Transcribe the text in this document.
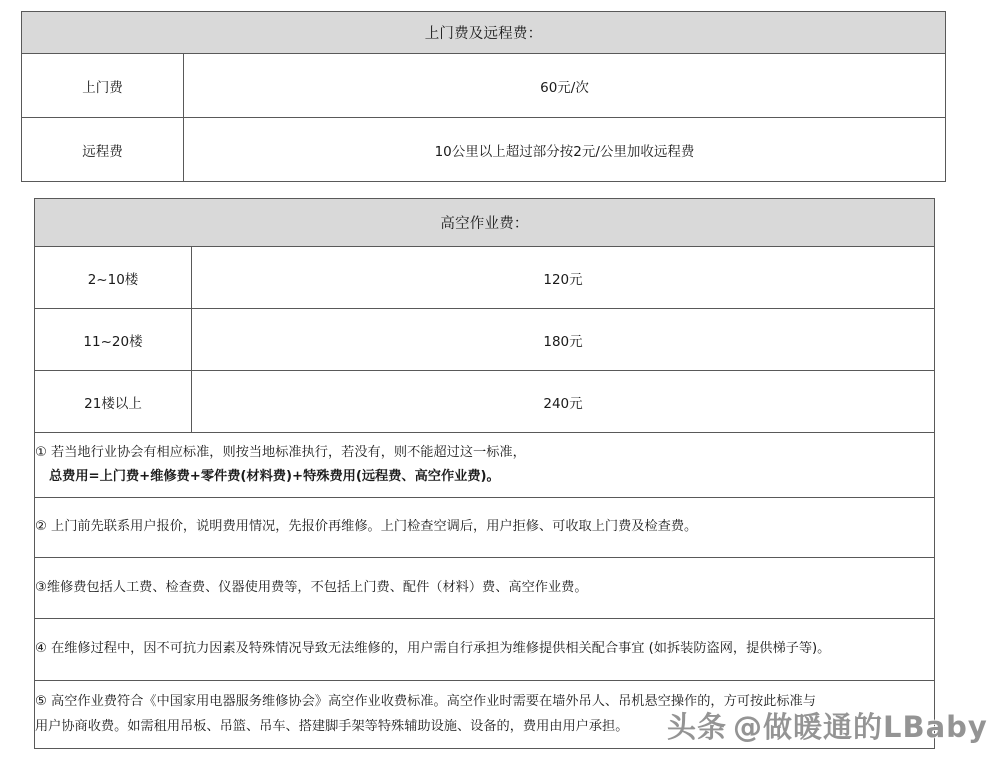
上门费及远程费：	
上门费	60元/次
远程费	10公里以上超过部分按2元/公里加收远程费
高空作业费：	
2~10楼	120元
11~20楼	180元
21楼以上	240元

① 若当地行业协会有相应标准，则按当地标准执行，若没有，则不能超过这一标准，
总费用=上门费+维修费+零件费(材料费)+特殊费用(远程费、高空作业费)。	

② 上门前先联系用户报价，说明费用情况，先报价再维修。上门检查空调后，用户拒修、可收取上门费及检查费。	

③维修费包括人工费、检查费、仪器使用费等，不包括上门费、配件（材料）费、高空作业费。	

④ 在维修过程中，因不可抗力因素及特殊情况导致无法维修的，用户需自行承担为维修提供相关配合事宜 (如拆装防盗网，提供梯子等)。	

⑤ 高空作业费符合《中国家用电器服务维修协会》高空作业收费标准。高空作业时需要在墙外吊人、吊机悬空操作的，方可按此标准与
用户协商收费。如需租用吊板、吊篮、吊车、搭建脚手架等特殊辅助设施、设备的，费用由用户承担。		头条 @做暖通的LBaby
